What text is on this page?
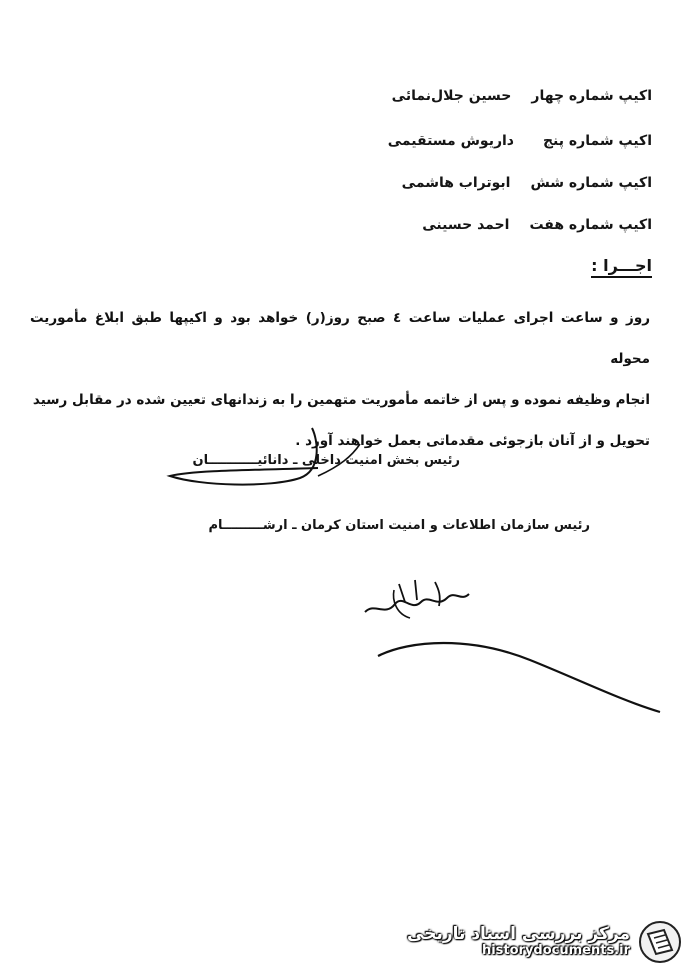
اکیپ شماره چهار
حسین جلال‌نمائی
اکیپ شماره پنج
داریوش مستقیمی
اکیپ شماره شش
ابوتراب هاشمی
اکیپ شماره هفت
احمد حسینی
اجـــرا :
روز و ساعت اجرای عملیات ساعت ٤ صبح روز(ر) خواهد بود و اکیپها طبق ابلاغ مأموریت محوله
انجام وظیفه نموده و پس از خاتمه مأموریت متهمین را به زندانهای تعیین شده در مقابل رسید
تحویل و از آنان بازجوئی مقدماتی بعمل خواهند آورد .
رئیس بخش امنیت داخلی ـ دانائیـــــــــــان
رئیس سازمان اطلاعات و امنیت استان کرمان ـ ارشـــــــــام
مرکز بررسی اسناد تاریخی
historydocuments.ir
